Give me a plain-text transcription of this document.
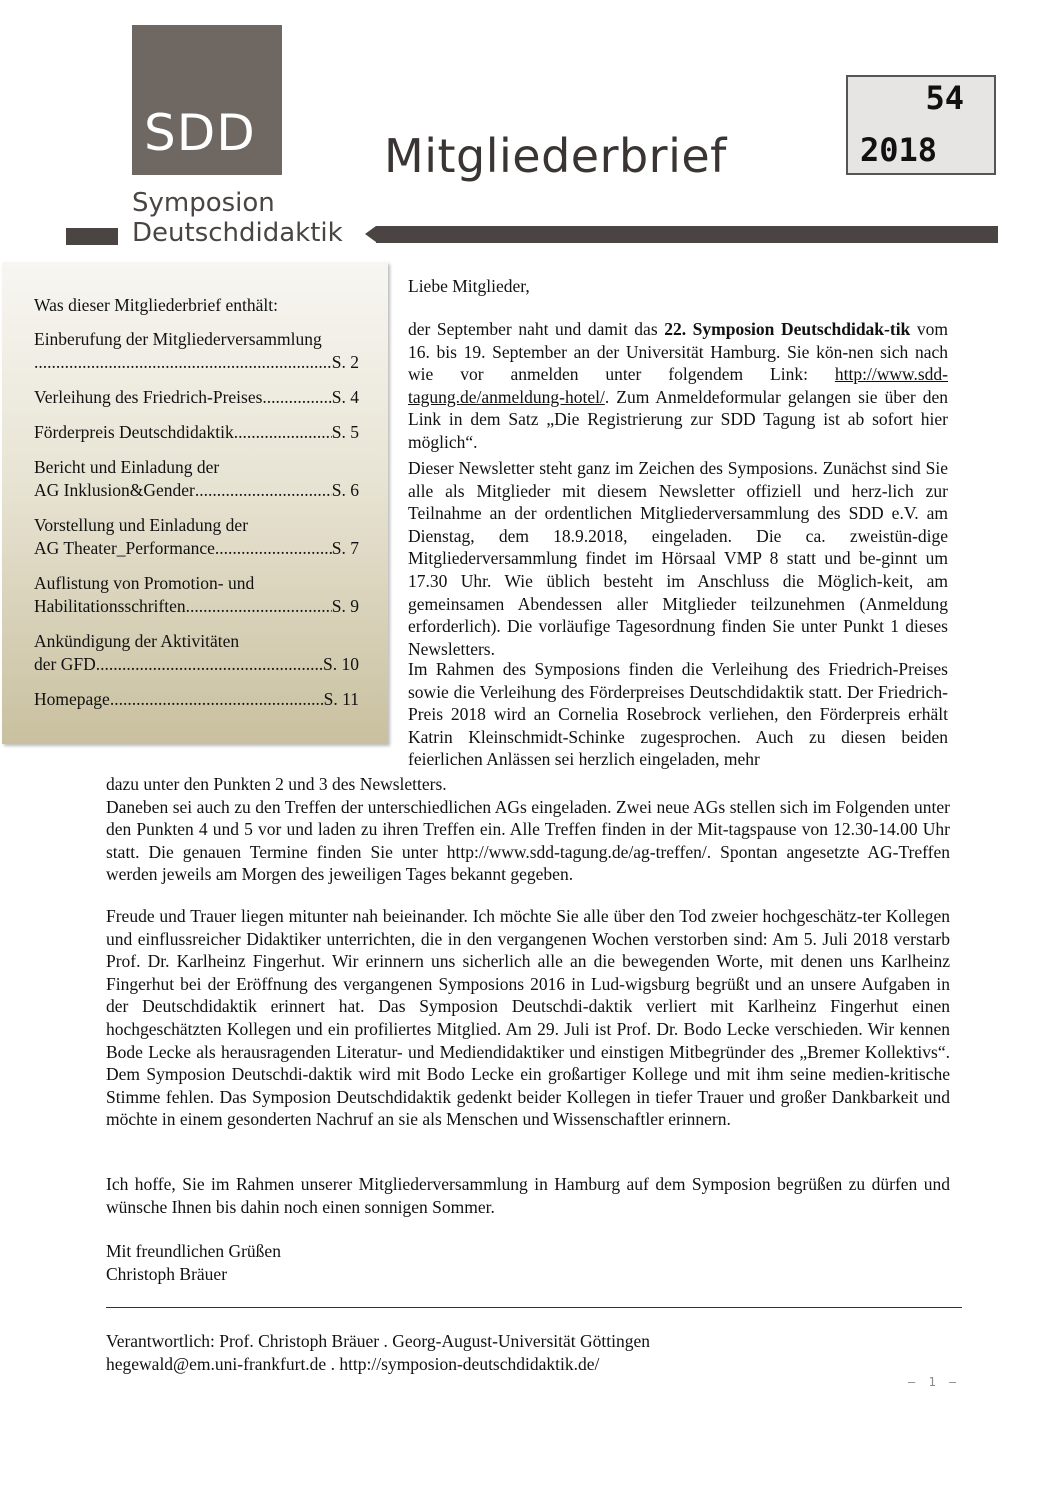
SDD
Symposion
Deutschdidaktik
Mitgliederbrief
54
2018
Was dieser Mitgliederbrief enthält:
Einberufung der Mitgliederversammlung
.....
S. 2
Verleihung des Friedrich-Preises .....	S. 4
Förderpreis Deutschdidaktik .....	S. 5
Bericht und Einladung der
AG Inklusion&Gender .....	S. 6
Vorstellung und Einladung der
AG Theater_Performance .....	S. 7
Auflistung von Promotion- und
Habilitationsschriften .....	S. 9
Ankündigung der Aktivitäten
der GFD .....	S. 10
Homepage .....	S. 11
Liebe Mitglieder,

der September naht und damit das 22. Symposion Deutschdidak-tik vom 16. bis 19. September an der Universität Hamburg. Sie kön-nen sich nach wie vor anmelden unter folgendem Link: http://www.sdd-tagung.de/anmeldung-hotel/. Zum Anmeldeformular gelangen sie über den Link in dem Satz „Die Registrierung zur SDD Tagung ist ab sofort hier möglich“.

Dieser Newsletter steht ganz im Zeichen des Symposions. Zunächst sind Sie alle als Mitglieder mit diesem Newsletter offiziell und herz-lich zur Teilnahme an der ordentlichen Mitgliederversammlung des SDD e.V. am Dienstag, dem 18.9.2018, eingeladen. Die ca. zweistün-dige Mitgliederversammlung findet im Hörsaal VMP 8 statt und be-ginnt um 17.30 Uhr. Wie üblich besteht im Anschluss die Möglich-keit, am gemeinsamen Abendessen aller Mitglieder teilzunehmen (Anmeldung erforderlich). Die vorläufige Tagesordnung finden Sie unter Punkt 1 dieses Newsletters.

Im Rahmen des Symposions finden die Verleihung des Friedrich-Preises sowie die Verleihung des Förderpreises Deutschdidaktik statt. Der Friedrich-Preis 2018 wird an Cornelia Rosebrock verliehen, den Förderpreis erhält Katrin Kleinschmidt-Schinke zugesprochen. Auch zu diesen beiden feierlichen Anlässen sei herzlich eingeladen, mehr

dazu unter den Punkten 2 und 3 des Newsletters.
Daneben sei auch zu den Treffen der unterschiedlichen AGs eingeladen. Zwei neue AGs stellen sich im Folgenden unter den Punkten 4 und 5 vor und laden zu ihren Treffen ein. Alle Treffen finden in der Mit-tagspause von 12.30-14.00 Uhr statt. Die genauen Termine finden Sie unter http://www.sdd-tagung.de/ag-treffen/. Spontan angesetzte AG-Treffen werden jeweils am Morgen des jeweiligen Tages bekannt gegeben.

Freude und Trauer liegen mitunter nah beieinander. Ich möchte Sie alle über den Tod zweier hochgeschätz-ter Kollegen und einflussreicher Didaktiker unterrichten, die in den vergangenen Wochen verstorben sind: Am 5. Juli 2018 verstarb Prof. Dr. Karlheinz Fingerhut. Wir erinnern uns sicherlich alle an die bewegenden Worte, mit denen uns Karlheinz Fingerhut bei der Eröffnung des vergangenen Symposions 2016 in Lud-wigsburg begrüßt und an unsere Aufgaben in der Deutschdidaktik erinnert hat. Das Symposion Deutschdi-daktik verliert mit Karlheinz Fingerhut einen hochgeschätzten Kollegen und ein profiliertes Mitglied. Am 29. Juli ist Prof. Dr. Bodo Lecke verschieden. Wir kennen Bode Lecke als herausragenden Literatur- und Mediendidaktiker und einstigen Mitbegründer des „Bremer Kollektivs“. Dem Symposion Deutschdi-daktik wird mit Bodo Lecke ein großartiger Kollege und mit ihm seine medien-kritische Stimme fehlen. Das Symposion Deutschdidaktik gedenkt beider Kollegen in tiefer Trauer und großer Dankbarkeit und möchte in einem gesonderten Nachruf an sie als Menschen und Wissenschaftler erinnern.

Ich hoffe, Sie im Rahmen unserer Mitgliederversammlung in Hamburg auf dem Symposion begrüßen zu dürfen und wünsche Ihnen bis dahin noch einen sonnigen Sommer.

Mit freundlichen Grüßen
Christoph Bräuer
Verantwortlich: Prof. Christoph Bräuer . Georg-August-Universität Göttingen
hegewald@em.uni-frankfurt.de . http://symposion-deutschdidaktik.de/
– 1 –
